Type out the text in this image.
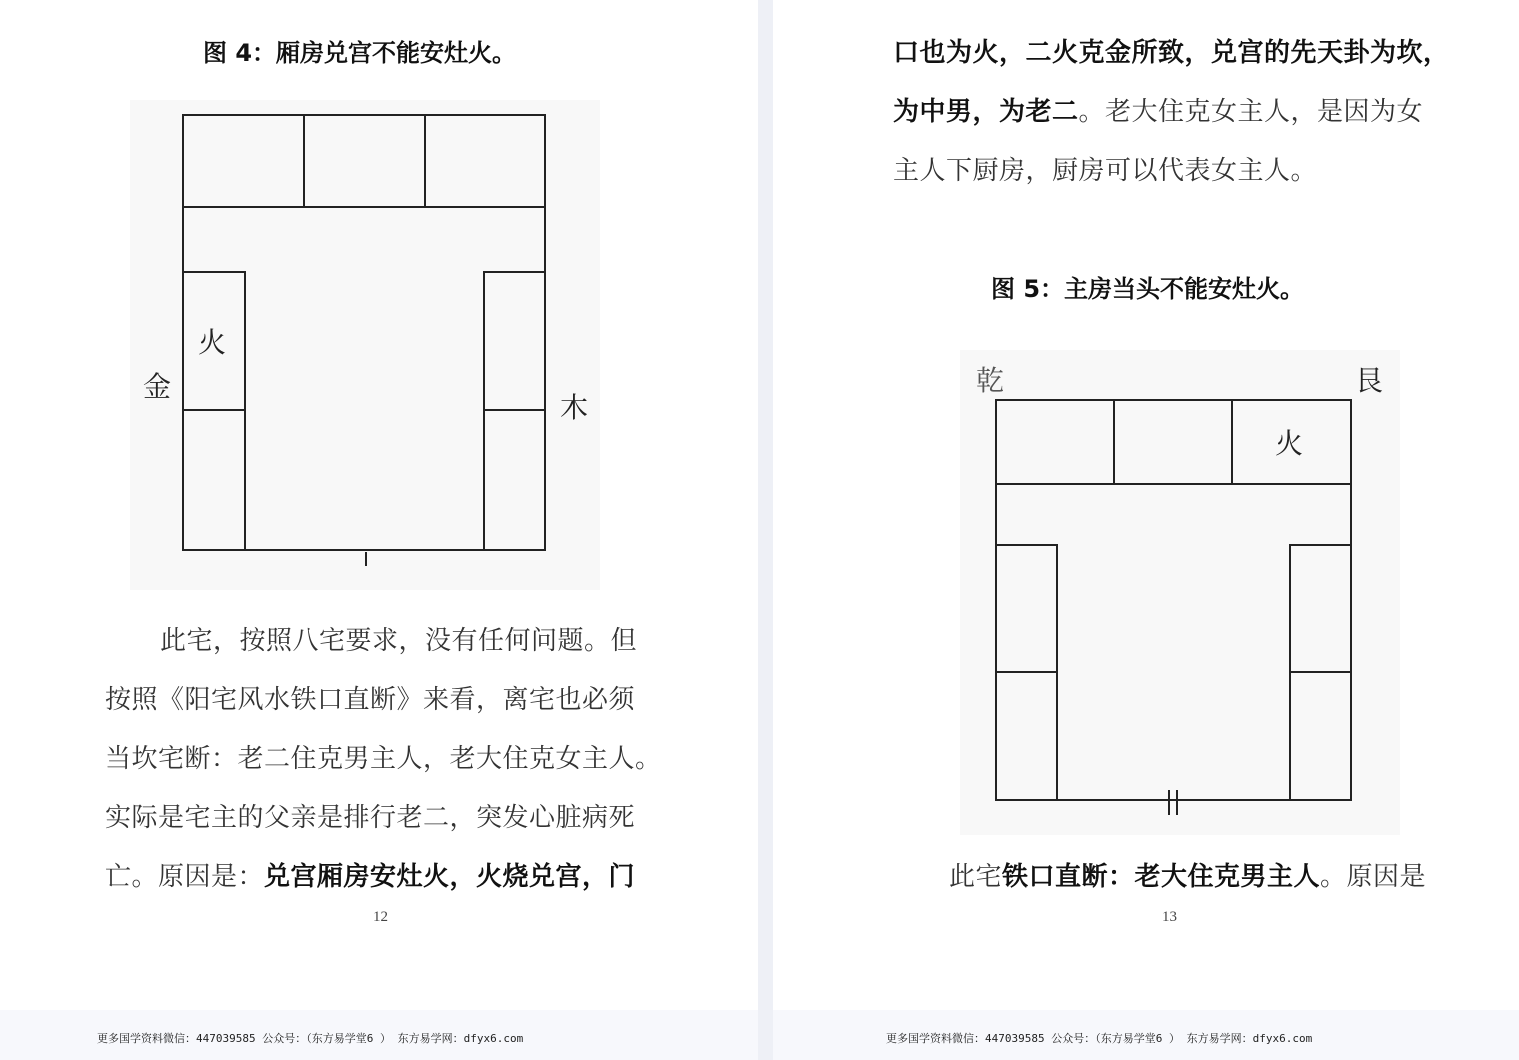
图 4：厢房兑宫不能安灶火。

火
金
木
此宅，按照八宅要求，没有任何问题。但
按照《阳宅风水铁口直断》来看，离宅也必须
当坎宅断：老二住克男主人，老大住克女主人。
实际是宅主的父亲是排行老二，突发心脏病死
亡。原因是：兑宫厢房安灶火，火烧兑宫，门

12

口也为火，二火克金所致，兑宫的先天卦为坎，
为中男，为老二。老大住克女主人，是因为女
主人下厨房，厨房可以代表女主人。

图 5：主房当头不能安灶火。

乾	艮
火
此宅铁口直断：老大住克男主人。原因是

13

更多国学资料微信：447039585 公众号：（东方易学堂6 ） 东方易学网：dfyx6.com	更多国学资料微信：447039585 公众号：（东方易学堂6 ） 东方易学网：dfyx6.com
